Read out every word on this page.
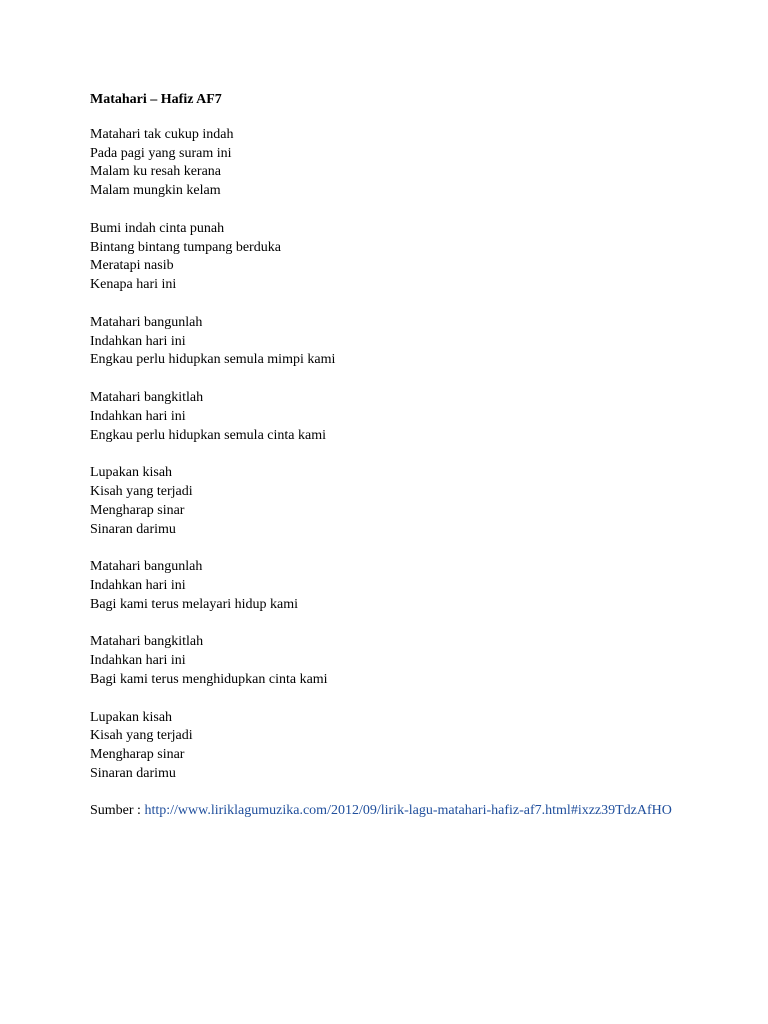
Matahari – Hafiz AF7
Matahari tak cukup indah
Pada pagi yang suram ini
Malam ku resah kerana
Malam mungkin kelam
Bumi indah cinta punah
Bintang bintang tumpang berduka
Meratapi nasib
Kenapa hari ini
Matahari bangunlah
Indahkan hari ini
Engkau perlu hidupkan semula mimpi kami
Matahari bangkitlah
Indahkan hari ini
Engkau perlu hidupkan semula cinta kami
Lupakan kisah
Kisah yang terjadi
Mengharap sinar
Sinaran darimu
Matahari bangunlah
Indahkan hari ini
Bagi kami terus melayari hidup kami
Matahari bangkitlah
Indahkan hari ini
Bagi kami terus menghidupkan cinta kami
Lupakan kisah
Kisah yang terjadi
Mengharap sinar
Sinaran darimu
Sumber : http://www.liriklagumuzika.com/2012/09/lirik-lagu-matahari-hafiz-af7.html#ixzz39TdzAfHO
